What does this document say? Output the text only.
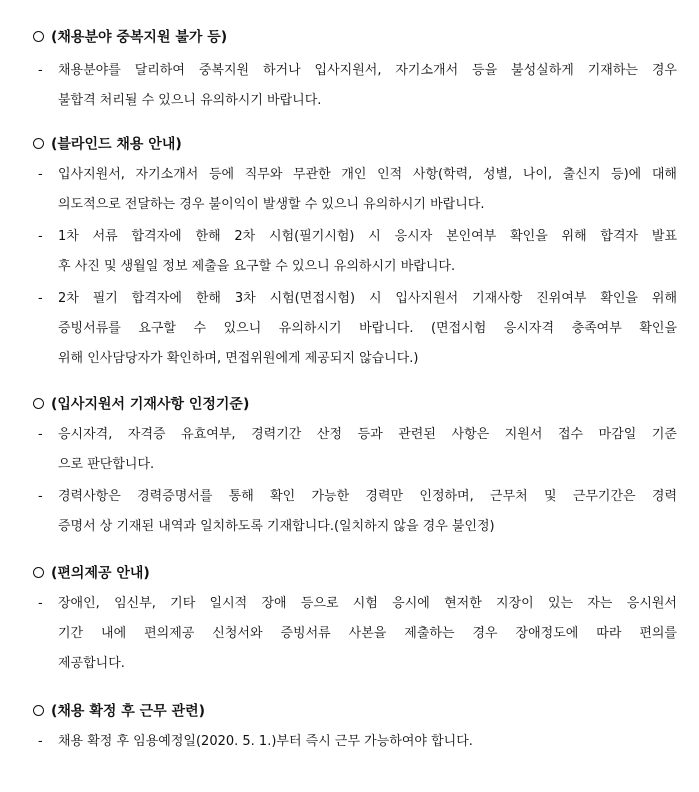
(채용분야 중복지원 불가 등)
- 채용분야를 달리하여 중복지원 하거나 입사지원서, 자기소개서 등을 불성실하게 기재하는 경우
불합격 처리될 수 있으니 유의하시기 바랍니다.
(블라인드 채용 안내)
- 입사지원서, 자기소개서 등에 직무와 무관한 개인 인적 사항(학력, 성별, 나이, 출신지 등)에 대해
의도적으로 전달하는 경우 불이익이 발생할 수 있으니 유의하시기 바랍니다.
- 1차 서류 합격자에 한해 2차 시험(필기시험) 시 응시자 본인여부 확인을 위해 합격자 발표
후 사진 및 생월일 정보 제출을 요구할 수 있으니 유의하시기 바랍니다.
- 2차 필기 합격자에 한해 3차 시험(면접시험) 시 입사지원서 기재사항 진위여부 확인을 위해
증빙서류를 요구할 수 있으니 유의하시기 바랍니다. (면접시험 응시자격 충족여부 확인을
위해 인사담당자가 확인하며, 면접위원에게 제공되지 않습니다.)
(입사지원서 기재사항 인정기준)
- 응시자격, 자격증 유효여부, 경력기간 산정 등과 관련된 사항은 지원서 접수 마감일 기준
으로 판단합니다.
- 경력사항은 경력증명서를 통해 확인 가능한 경력만 인정하며, 근무처 및 근무기간은 경력
증명서 상 기재된 내역과 일치하도록 기재합니다.(일치하지 않을 경우 불인정)
(편의제공 안내)
- 장애인, 임신부, 기타 일시적 장애 등으로 시험 응시에 현저한 지장이 있는 자는 응시원서
기간 내에 편의제공 신청서와 증빙서류 사본을 제출하는 경우 장애정도에 따라 편의를
제공합니다.
(채용 확정 후 근무 관련)
- 채용 확정 후 임용예정일(2020. 5. 1.)부터 즉시 근무 가능하여야 합니다.
